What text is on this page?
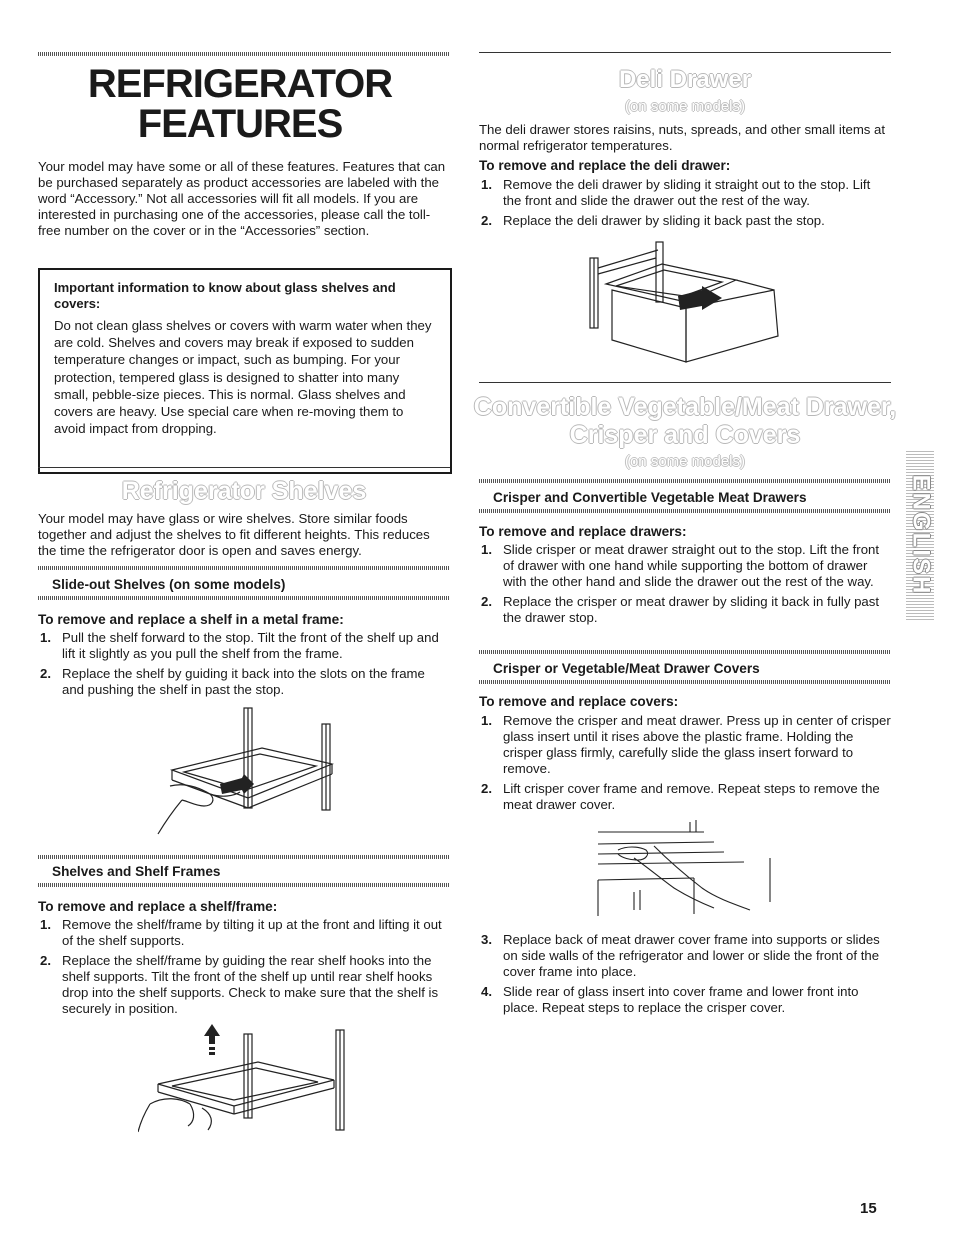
REFRIGERATOR
FEATURES

Your model may have some or all of these features. Features that can be purchased separately as product accessories are labeled with the word “Accessory.” Not all accessories will fit all models. If you are interested in purchasing one of the accessories, please call the toll-free number on the cover or in the “Accessories” section.

Important information to know about glass shelves and covers:

Do not clean glass shelves or covers with warm water when they are cold. Shelves and covers may break if exposed to sudden temperature changes or impact, such as bumping. For your protection, tempered glass is designed to shatter into many small, pebble-size pieces. This is normal. Glass shelves and covers are heavy. Use special care when re-moving them to avoid impact from dropping.

Refrigerator Shelves

Your model may have glass or wire shelves. Store similar foods together and adjust the shelves to fit different heights. This reduces the time the refrigerator door is open and saves energy.

Slide-out Shelves (on some models)
To remove and replace a shelf in a metal frame:
1. Pull the shelf forward to the stop. Tilt the front of the shelf up and lift it slightly as you pull the shelf from the frame.
2. Replace the shelf by guiding it back into the slots on the frame and pushing the shelf in past the stop.
Shelves and Shelf Frames
To remove and replace a shelf/frame:
1. Remove the shelf/frame by tilting it up at the front and lifting it out of the shelf supports.
2. Replace the shelf/frame by guiding the rear shelf hooks into the shelf supports. Tilt the front of the shelf up until rear shelf hooks drop into the shelf supports. Check to make sure that the shelf is securely in position.
Deli Drawer
(on some models)

The deli drawer stores raisins, nuts, spreads, and other small items at normal refrigerator temperatures.

To remove and replace the deli drawer:
1. Remove the deli drawer by sliding it straight out to the stop. Lift the front and slide the drawer out the rest of the way.
2. Replace the deli drawer by sliding it back past the stop.
Convertible Vegetable/Meat Drawer,
Crisper and Covers
(on some models)
Crisper and Convertible Vegetable Meat Drawers
To remove and replace drawers:
1. Slide crisper or meat drawer straight out to the stop. Lift the front of drawer with one hand while supporting the bottom of drawer with the other hand and slide the drawer out the rest of the way.
2. Replace the crisper or meat drawer by sliding it back in fully past the drawer stop.
Crisper or Vegetable/Meat Drawer Covers
To remove and replace covers:
1. Remove the crisper and meat drawer. Press up in center of crisper glass insert until it rises above the plastic frame. Holding the crisper glass firmly, carefully slide the glass insert forward to remove.
2. Lift crisper cover frame and remove. Repeat steps to remove the meat drawer cover.
3. Replace back of meat drawer cover frame into supports or slides on side walls of the refrigerator and lower or slide the front of the cover frame into place.
4. Slide rear of glass insert into cover frame and lower front into place. Repeat steps to replace the crisper cover.
ENGLISH
15
